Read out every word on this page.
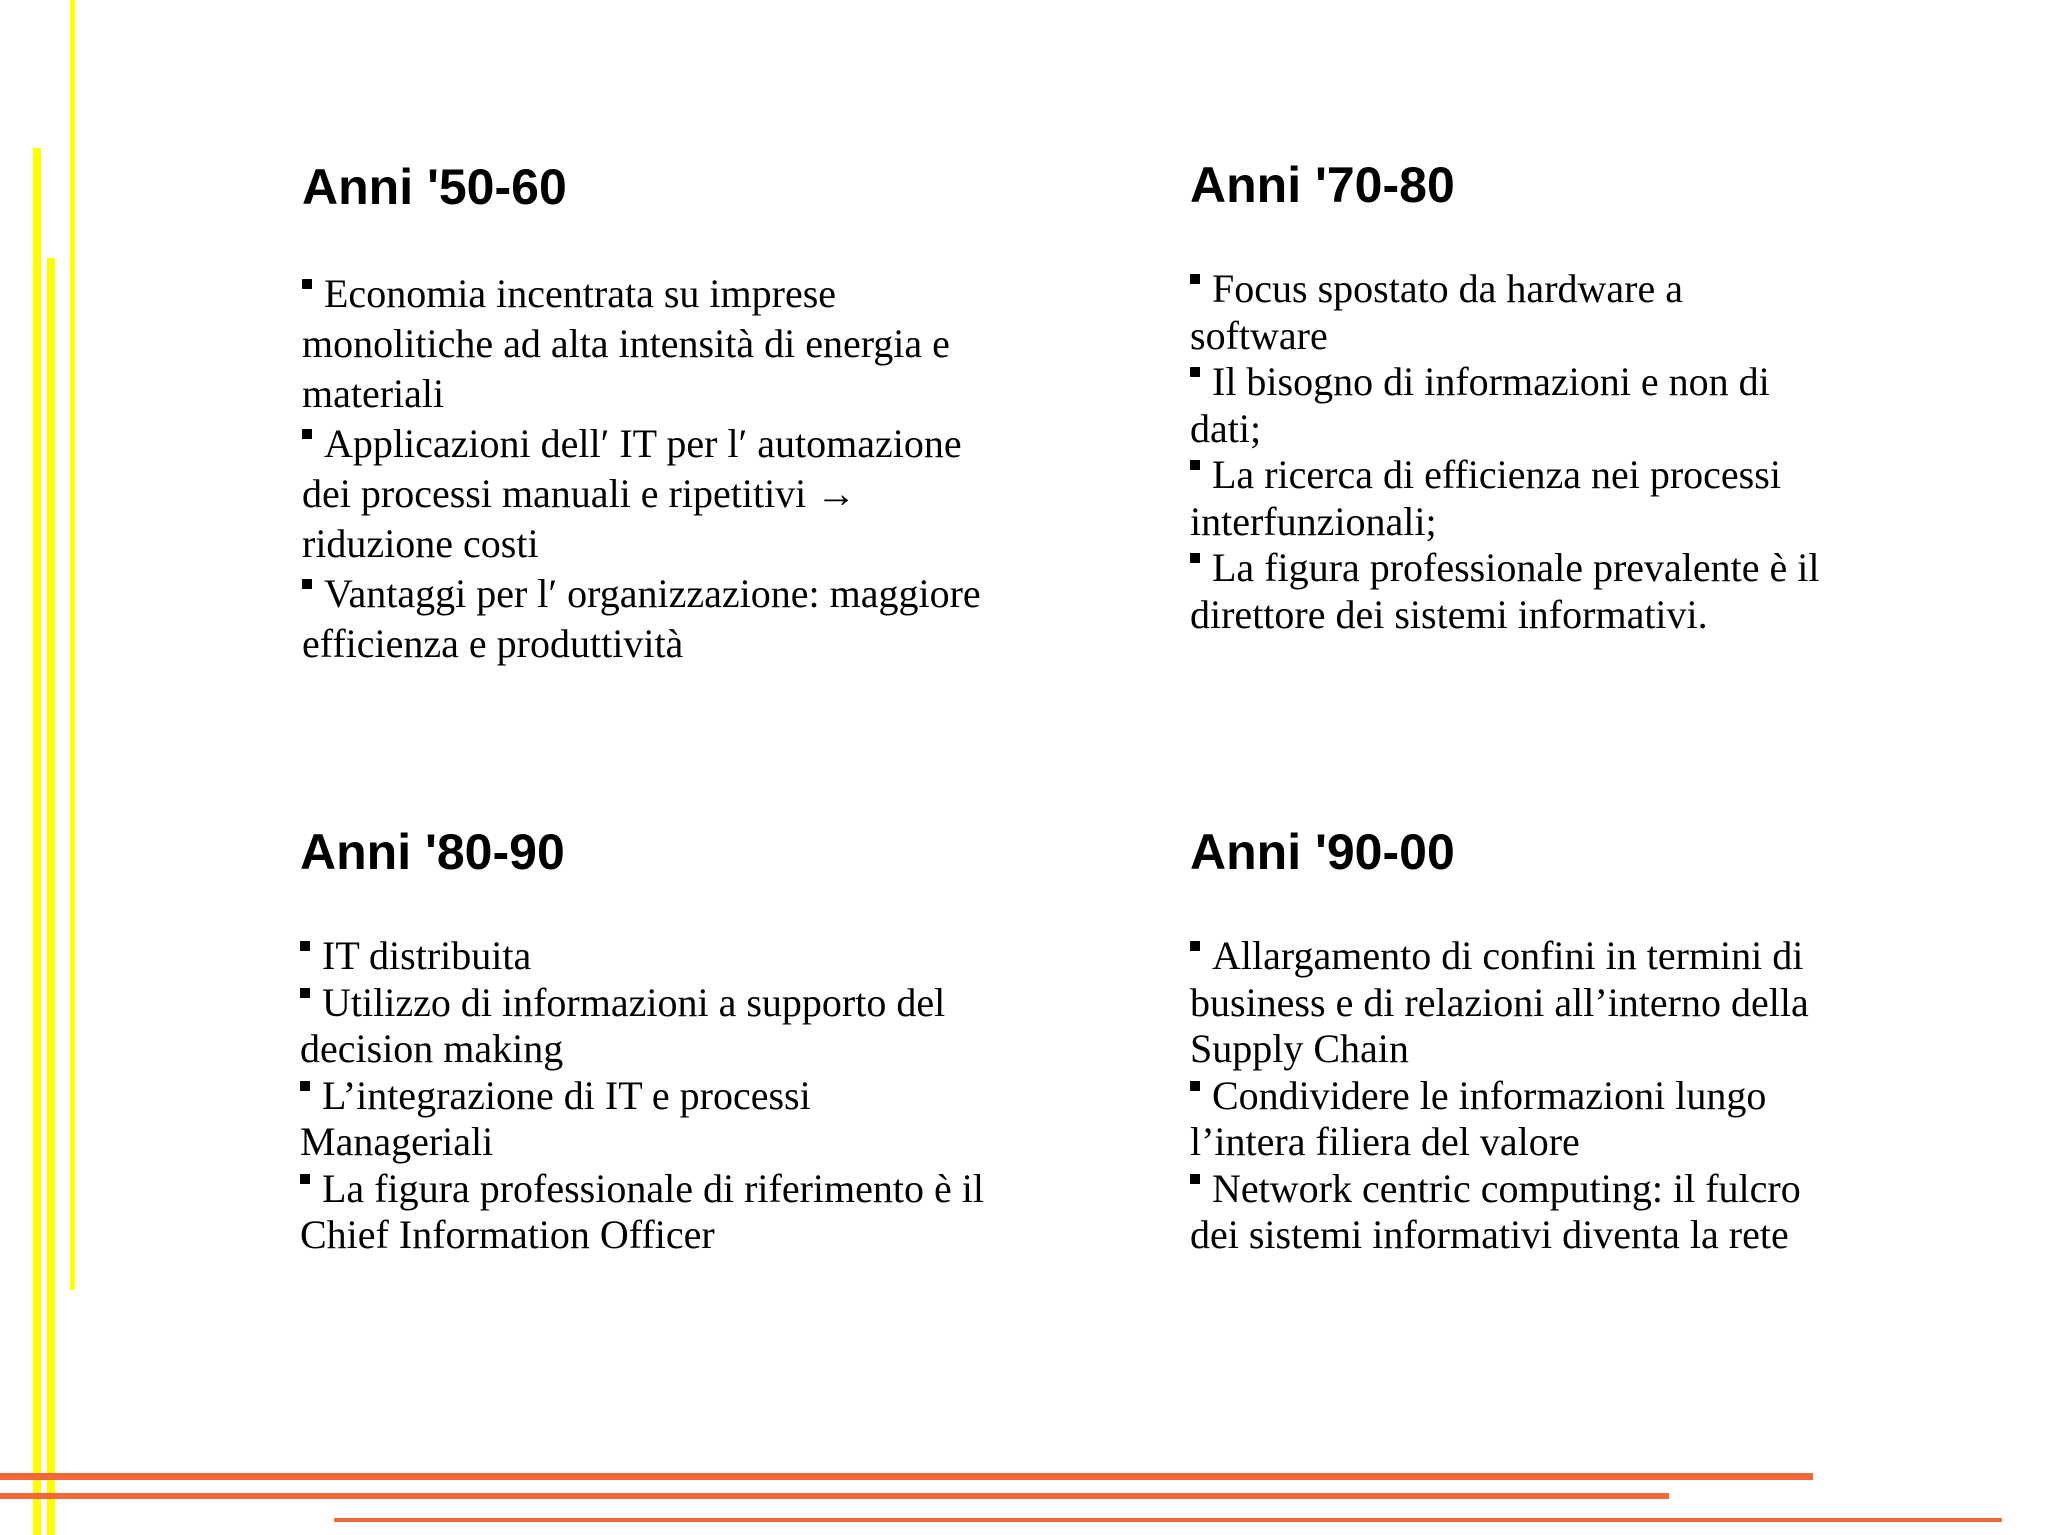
Anni '50-60
Economia incentrata su imprese monolitiche ad alta intensità di energia e materiali
Applicazioni dell′ IT per l′ automazione dei processi manuali e ripetitivi → riduzione costi
Vantaggi per l′ organizzazione: maggiore efficienza e produttività
Anni '70-80
Focus spostato da hardware a software
Il bisogno di informazioni e non di dati;
La ricerca di efficienza nei processi interfunzionali;
La figura professionale prevalente è il direttore dei sistemi informativi.
Anni '80-90
IT distribuita
Utilizzo di informazioni a supporto del decision making
L’integrazione di IT e processi Manageriali
La figura professionale di riferimento è il Chief Information Officer
Anni '90-00
Allargamento di confini in termini di business e di relazioni all’interno della Supply Chain
Condividere le informazioni lungo l’intera filiera del valore
Network centric computing: il fulcro dei sistemi informativi diventa la rete
